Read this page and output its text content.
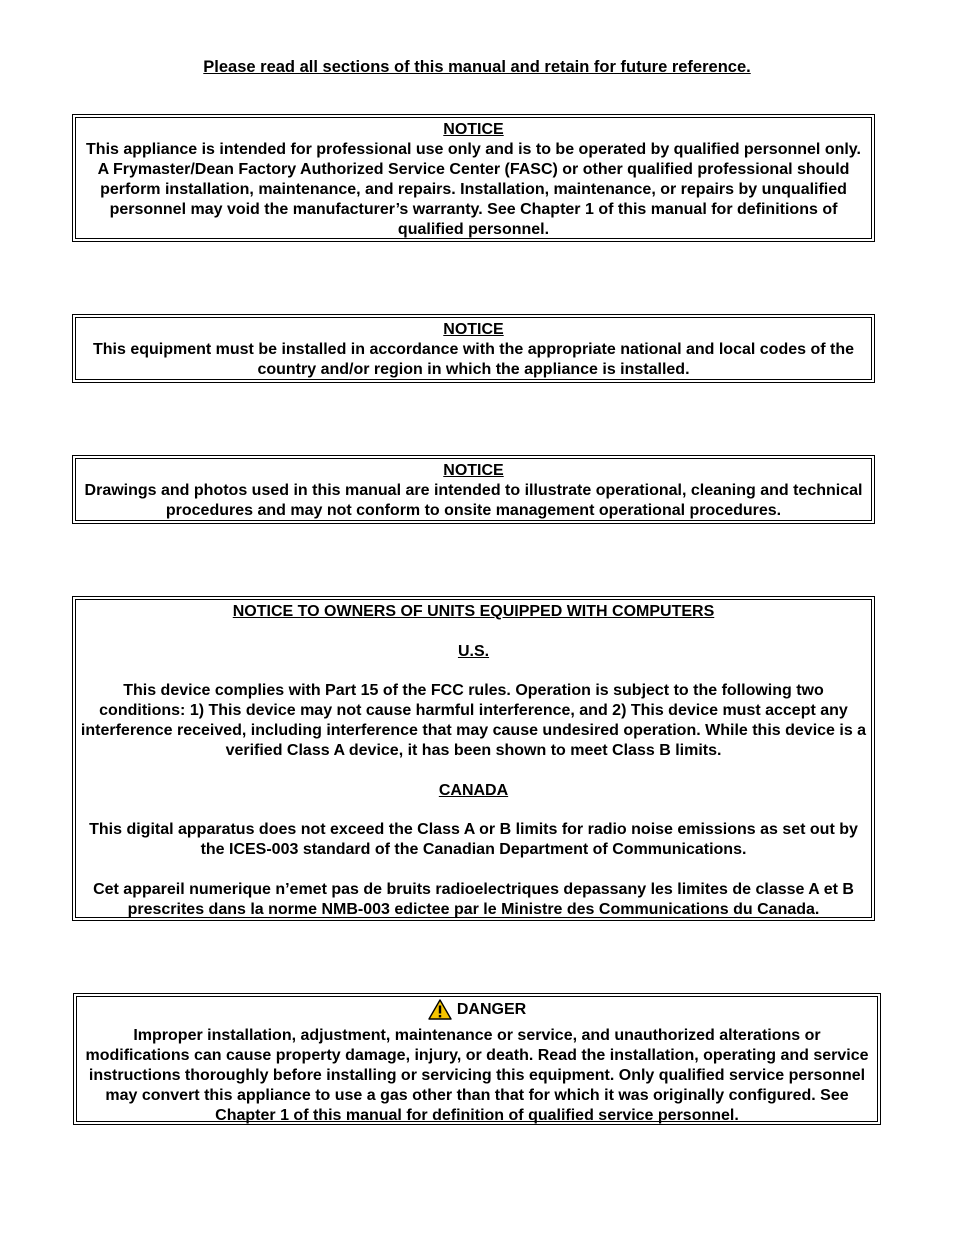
Please read all sections of this manual and retain for future reference.

NOTICE

This appliance is intended for professional use only and is to be operated by qualified personnel only. A Frymaster/Dean Factory Authorized Service Center (FASC) or other qualified professional should perform installation, maintenance, and repairs. Installation, maintenance, or repairs by unqualified personnel may void the manufacturer’s warranty. See Chapter 1 of this manual for definitions of qualified personnel.

NOTICE

This equipment must be installed in accordance with the appropriate national and local codes of the country and/or region in which the appliance is installed.

NOTICE

Drawings and photos used in this manual are intended to illustrate operational, cleaning and technical procedures and may not conform to onsite management operational procedures.

NOTICE TO OWNERS OF UNITS EQUIPPED WITH COMPUTERS

U.S.

This device complies with Part 15 of the FCC rules. Operation is subject to the following two conditions: 1) This device may not cause harmful interference, and 2) This device must accept any interference received, including interference that may cause undesired operation. While this device is a verified Class A device, it has been shown to meet Class B limits.

CANADA

This digital apparatus does not exceed the Class A or B limits for radio noise emissions as set out by the ICES-003 standard of the Canadian Department of Communications.

Cet appareil numerique n’emet pas de bruits radioelectriques depassany les limites de classe A et B prescrites dans la norme NMB-003 edictee par le Ministre des Communications du Canada.

DANGER

Improper installation, adjustment, maintenance or service, and unauthorized alterations or modifications can cause property damage, injury, or death. Read the installation, operating and service instructions thoroughly before installing or servicing this equipment. Only qualified service personnel may convert this appliance to use a gas other than that for which it was originally configured. See Chapter 1 of this manual for definition of qualified service personnel.
